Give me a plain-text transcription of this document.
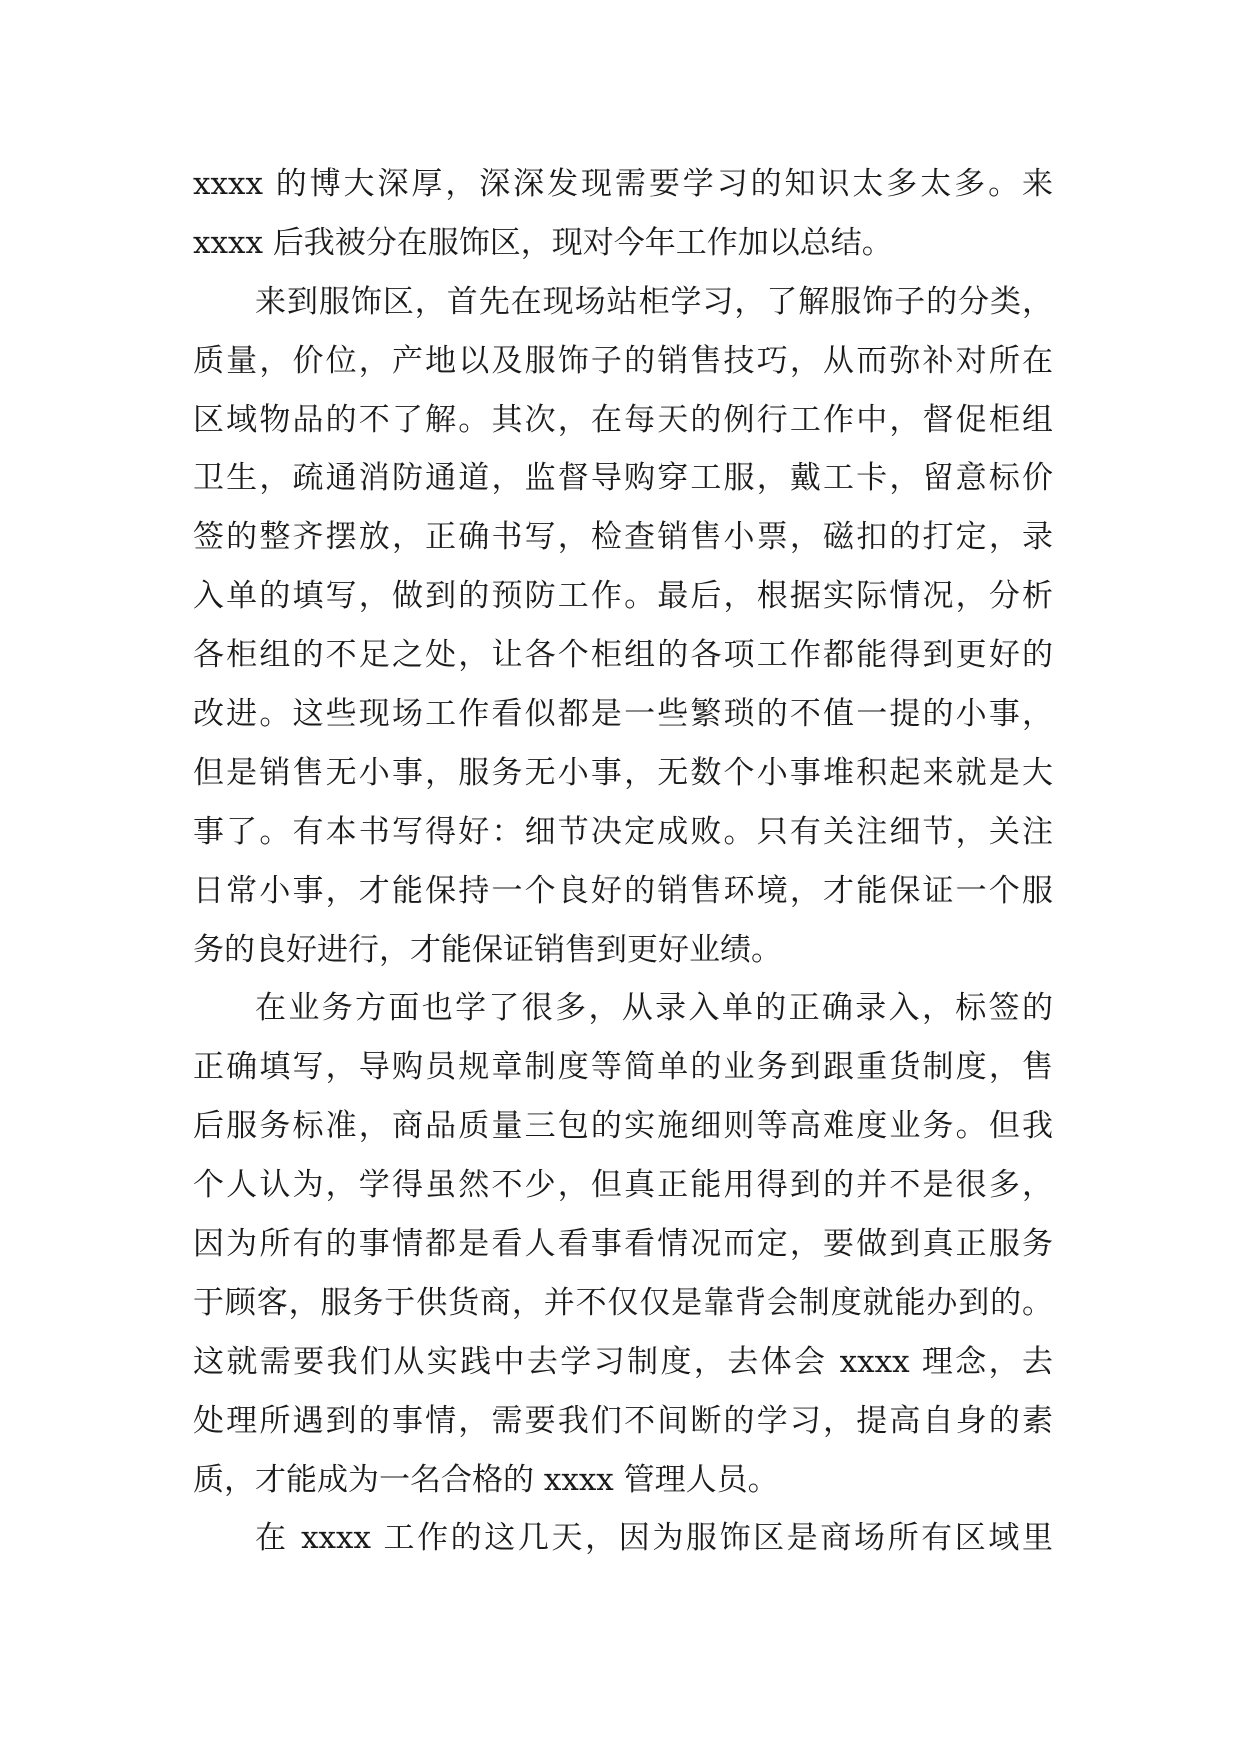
xxxx 的博大深厚，深深发现需要学习的知识太多太多。来
xxxx 后我被分在服饰区，现对今年工作加以总结。
来到服饰区，首先在现场站柜学习，了解服饰子的分类，
质量，价位，产地以及服饰子的销售技巧，从而弥补对所在
区域物品的不了解。其次，在每天的例行工作中，督促柜组
卫生，疏通消防通道，监督导购穿工服，戴工卡，留意标价
签的整齐摆放，正确书写，检查销售小票，磁扣的打定，录
入单的填写，做到的预防工作。最后，根据实际情况，分析
各柜组的不足之处，让各个柜组的各项工作都能得到更好的
改进。这些现场工作看似都是一些繁琐的不值一提的小事，
但是销售无小事，服务无小事，无数个小事堆积起来就是大
事了。有本书写得好：细节决定成败。只有关注细节，关注
日常小事，才能保持一个良好的销售环境，才能保证一个服
务的良好进行，才能保证销售到更好业绩。
在业务方面也学了很多，从录入单的正确录入，标签的
正确填写，导购员规章制度等简单的业务到跟重货制度，售
后服务标准，商品质量三包的实施细则等高难度业务。但我
个人认为，学得虽然不少，但真正能用得到的并不是很多，
因为所有的事情都是看人看事看情况而定，要做到真正服务
于顾客，服务于供货商，并不仅仅是靠背会制度就能办到的。
这就需要我们从实践中去学习制度，去体会 xxxx 理念，去
处理所遇到的事情，需要我们不间断的学习，提高自身的素
质，才能成为一名合格的 xxxx 管理人员。
在 xxxx 工作的这几天，因为服饰区是商场所有区域里
